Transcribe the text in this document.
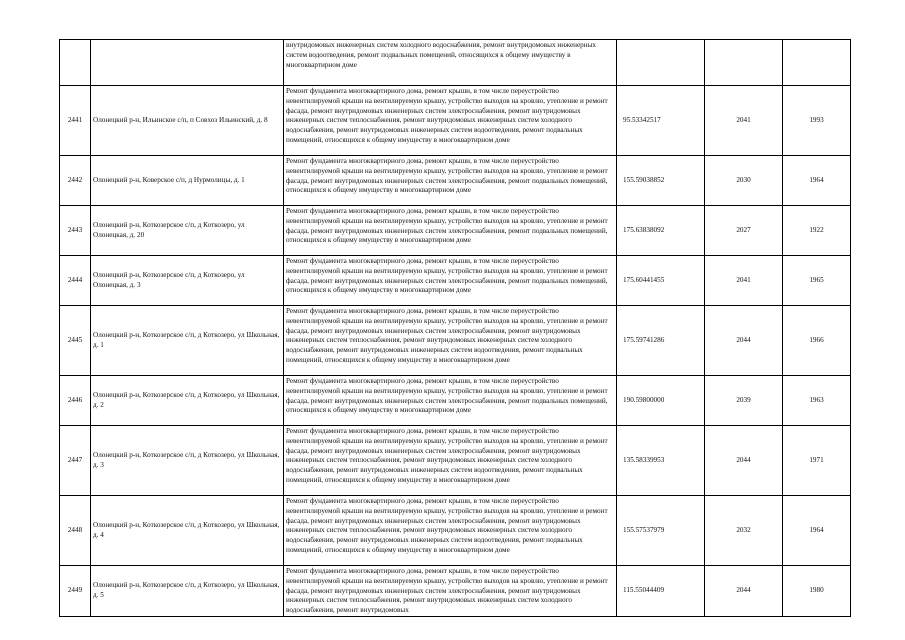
		внутридомовых инженерных систем холодного водоснабжения, ремонт внутридомовых инженерных систем водоотведения, ремонт подвальных помещений, относящихся к общему имуществу в многоквартирном доме			
2441	Олонецкий р-н, Ильинское с/п, п Совхоз Ильинский, д. 8	Ремонт фундамента многоквартирного дома, ремонт крыши, в том числе переустройство невентилируемой крыши на вентилируемую крышу, устройство выходов на кровлю, утепление и ремонт фасада, ремонт внутридомовых инженерных систем электроснабжения, ремонт внутридомовых инженерных систем теплоснабжения, ремонт внутридомовых инженерных систем холодного водоснабжения, ремонт внутридомовых инженерных систем водоотведения, ремонт подвальных помещений, относящихся к общему имуществу в многоквартирном доме	95.53342517	2041	1993
2442	Олонецкий р-н, Коверское с/п, д Нурмолицы, д. 1	Ремонт фундамента многоквартирного дома, ремонт крыши, в том числе переустройство невентилируемой крыши на вентилируемую крышу, устройство выходов на кровлю, утепление и ремонт фасада, ремонт внутридомовых инженерных систем электроснабжения, ремонт подвальных помещений, относящихся к общему имуществу в многоквартирном доме	155.59038852	2030	1964
2443	Олонецкий р-н, Коткозерское с/п, д Коткозеро, ул Олонецкая, д. 20	Ремонт фундамента многоквартирного дома, ремонт крыши, в том числе переустройство невентилируемой крыши на вентилируемую крышу, устройство выходов на кровлю, утепление и ремонт фасада, ремонт внутридомовых инженерных систем электроснабжения, ремонт подвальных помещений, относящихся к общему имуществу в многоквартирном доме	175.63838092	2027	1922
2444	Олонецкий р-н, Коткозерское с/п, д Коткозеро, ул Олонецкая, д. 3	Ремонт фундамента многоквартирного дома, ремонт крыши, в том числе переустройство невентилируемой крыши на вентилируемую крышу, устройство выходов на кровлю, утепление и ремонт фасада, ремонт внутридомовых инженерных систем электроснабжения, ремонт подвальных помещений, относящихся к общему имуществу в многоквартирном доме	175.60441455	2041	1965
2445	Олонецкий р-н, Коткозерское с/п, д Коткозеро, ул Школьная, д. 1	Ремонт фундамента многоквартирного дома, ремонт крыши, в том числе переустройство невентилируемой крыши на вентилируемую крышу, устройство выходов на кровлю, утепление и ремонт фасада, ремонт внутридомовых инженерных систем электроснабжения, ремонт внутридомовых инженерных систем теплоснабжения, ремонт внутридомовых инженерных систем холодного водоснабжения, ремонт внутридомовых инженерных систем водоотведения, ремонт подвальных помещений, относящихся к общему имуществу в многоквартирном доме	175.59741286	2044	1966
2446	Олонецкий р-н, Коткозерское с/п, д Коткозеро, ул Школьная, д. 2	Ремонт фундамента многоквартирного дома, ремонт крыши, в том числе переустройство невентилируемой крыши на вентилируемую крышу, устройство выходов на кровлю, утепление и ремонт фасада, ремонт внутридомовых инженерных систем электроснабжения, ремонт подвальных помещений, относящихся к общему имуществу в многоквартирном доме	190.59800000	2039	1963
2447	Олонецкий р-н, Коткозерское с/п, д Коткозеро, ул Школьная, д. 3	Ремонт фундамента многоквартирного дома, ремонт крыши, в том числе переустройство невентилируемой крыши на вентилируемую крышу, устройство выходов на кровлю, утепление и ремонт фасада, ремонт внутридомовых инженерных систем электроснабжения, ремонт внутридомовых инженерных систем теплоснабжения, ремонт внутридомовых инженерных систем холодного водоснабжения, ремонт внутридомовых инженерных систем водоотведения, ремонт подвальных помещений, относящихся к общему имуществу в многоквартирном доме	135.58339953	2044	1971
2448	Олонецкий р-н, Коткозерское с/п, д Коткозеро, ул Школьная, д. 4	Ремонт фундамента многоквартирного дома, ремонт крыши, в том числе переустройство невентилируемой крыши на вентилируемую крышу, устройство выходов на кровлю, утепление и ремонт фасада, ремонт внутридомовых инженерных систем электроснабжения, ремонт внутридомовых инженерных систем теплоснабжения, ремонт внутридомовых инженерных систем холодного водоснабжения, ремонт внутридомовых инженерных систем водоотведения, ремонт подвальных помещений, относящихся к общему имуществу в многоквартирном доме	155.57537979	2032	1964
2449	Олонецкий р-н, Коткозерское с/п, д Коткозеро, ул Школьная, д. 5	Ремонт фундамента многоквартирного дома, ремонт крыши, в том числе переустройство невентилируемой крыши на вентилируемую крышу, устройство выходов на кровлю, утепление и ремонт фасада, ремонт внутридомовых инженерных систем электроснабжения, ремонт внутридомовых инженерных систем теплоснабжения, ремонт внутридомовых инженерных систем холодного водоснабжения, ремонт внутридомовых	115.55044409	2044	1980
